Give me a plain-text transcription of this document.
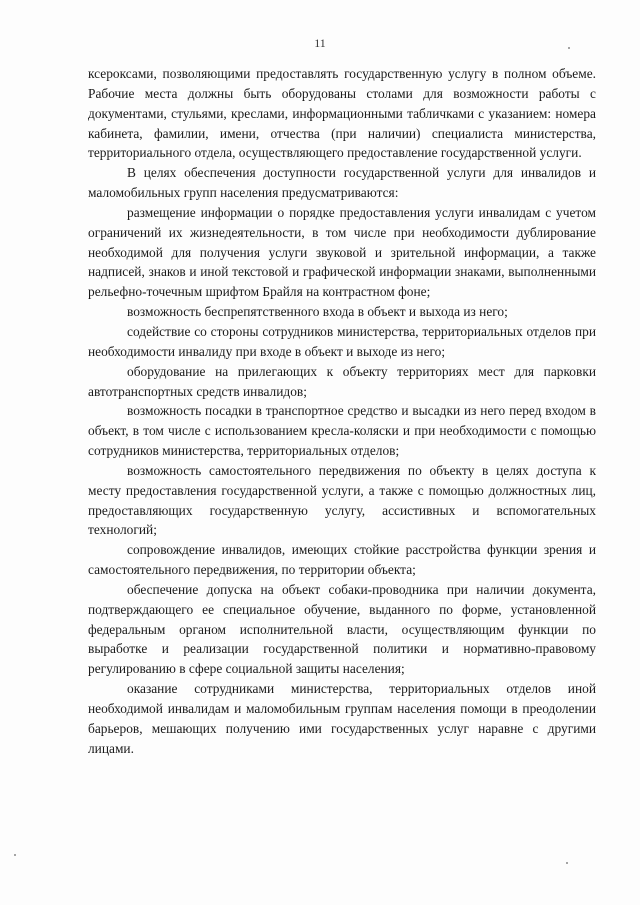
11

ксероксами, позволяющими предоставлять государственную услугу в полном объеме. Рабочие места должны быть оборудованы столами для возможности работы с документами, стульями, креслами, информационными табличками с указанием: номера кабинета, фамилии, имени, отчества (при наличии) специалиста министерства, территориального отдела, осуществляющего предоставление государственной услуги.

В целях обеспечения доступности государственной услуги для инвалидов и маломобильных групп населения предусматриваются:

размещение информации о порядке предоставления услуги инвалидам с учетом ограничений их жизнедеятельности, в том числе при необходимости дублирование необходимой для получения услуги звуковой и зрительной информации, а также надписей, знаков и иной текстовой и графической информации знаками, выполненными рельефно-точечным шрифтом Брайля на контрастном фоне;

возможность беспрепятственного входа в объект и выхода из него;

содействие со стороны сотрудников министерства, территориальных отделов при необходимости инвалиду при входе в объект и выходе из него;

оборудование на прилегающих к объекту территориях мест для парковки автотранспортных средств инвалидов;

возможность посадки в транспортное средство и высадки из него перед входом в объект, в том числе с использованием кресла-коляски и при необходимости с помощью сотрудников министерства, территориальных отделов;

возможность самостоятельного передвижения по объекту в целях доступа к месту предоставления государственной услуги, а также с помощью должностных лиц, предоставляющих государственную услугу, ассистивных и вспомогательных технологий;

сопровождение инвалидов, имеющих стойкие расстройства функции зрения и самостоятельного передвижения, по территории объекта;

обеспечение допуска на объект собаки-проводника при наличии документа, подтверждающего ее специальное обучение, выданного по форме, установленной федеральным органом исполнительной власти, осуществляющим функции по выработке и реализации государственной политики и нормативно-правовому регулированию в сфере социальной защиты населения;

оказание сотрудниками министерства, территориальных отделов иной необходимой инвалидам и маломобильным группам населения помощи в преодолении барьеров, мешающих получению ими государственных услуг наравне с другими лицами.
